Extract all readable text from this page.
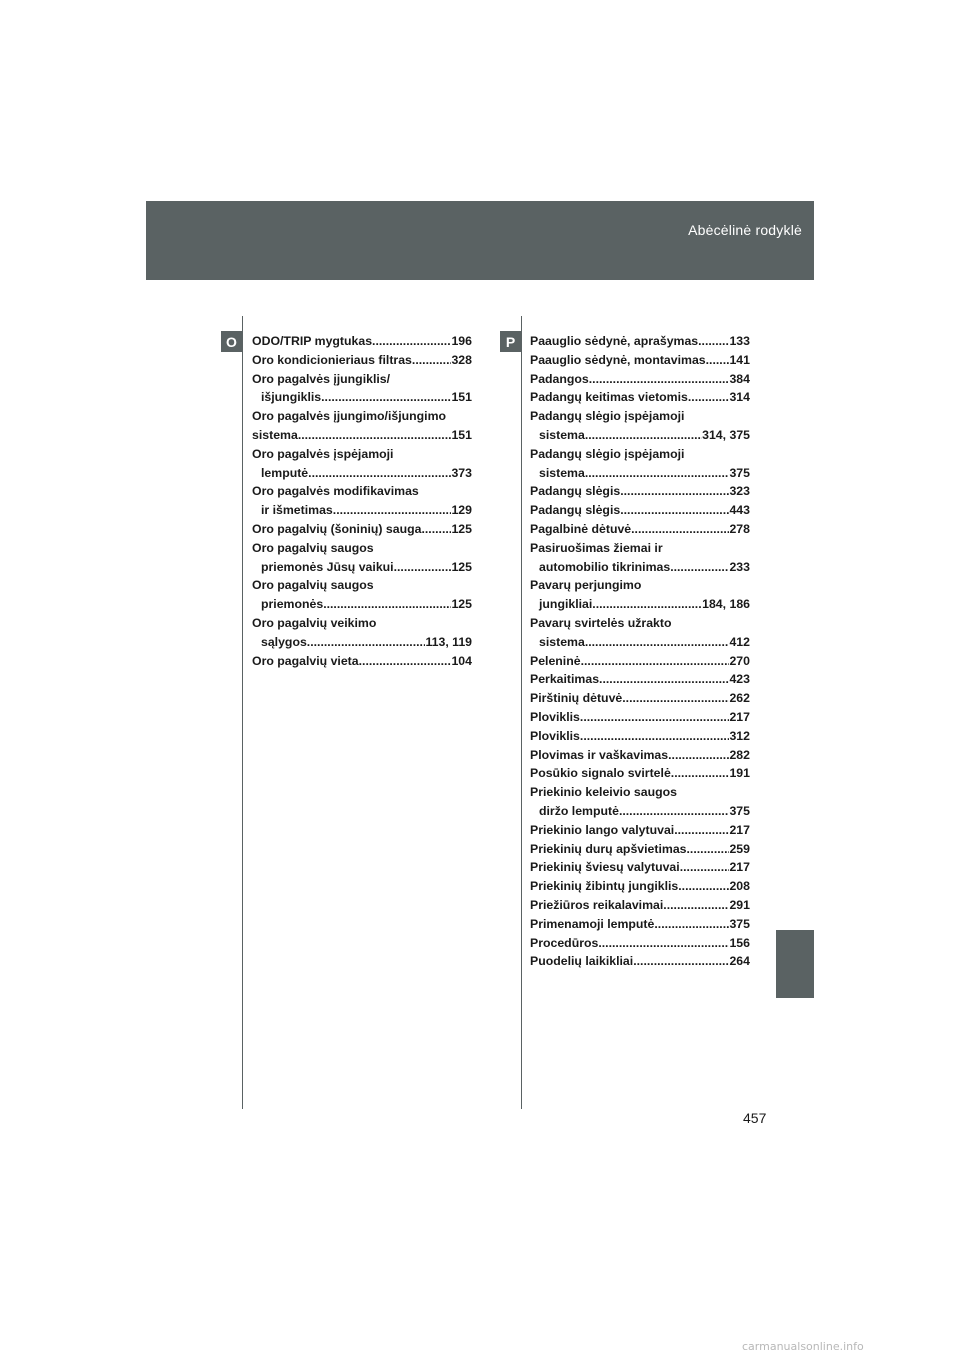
Abėcėlinė rodyklė
O	P
ODO/TRIP mygtukas .....	196
Oro kondicionieriaus filtras .....	328
Oro pagalvės įjungiklis/
išjungiklis .....	151
Oro pagalvės įjungimo/išjungimo
sistema .....	151
Oro pagalvės įspėjamoji
lemputė .....	373
Oro pagalvės modifikavimas
ir išmetimas .....	129
Oro pagalvių (šoninių) sauga ..... 125
Oro pagalvių saugos
priemonės Jūsų vaikui .....	125
Oro pagalvių saugos
priemonės .....	125
Oro pagalvių veikimo
sąlygos .....	113, 119
Oro pagalvių vieta .....	104
Paauglio sėdynė, aprašymas .....	133
Paauglio sėdynė, montavimas ..... 141
Padangos .....	384
Padangų keitimas vietomis .....	314
Padangų slėgio įspėjamoji
sistema .....	314, 375
Padangų slėgio įspėjamoji
sistema .....	375
Padangų slėgis .....	323
Padangų slėgis .....	443
Pagalbinė dėtuvė .....	278
Pasiruošimas žiemai ir
automobilio tikrinimas .....	233
Pavarų perjungimo
jungikliai .....	184, 186
Pavarų svirtelės užrakto
sistema .....	412
Peleninė .....	270
Perkaitimas .....	423
Pirštinių dėtuvė .....	262
Ploviklis .....	217
Ploviklis .....	312
Plovimas ir vaškavimas .....	282
Posūkio signalo svirtelė .....	191
Priekinio keleivio saugos
diržo lemputė .....	375
Priekinio lango valytuvai .....	217
Priekinių durų apšvietimas .....	259
Priekinių šviesų valytuvai .....	217
Priekinių žibintų jungiklis .....	208
Priežiūros reikalavimai .....	291
Primenamoji lemputė .....	375
Procedūros .....	156
Puodelių laikikliai .....	264
457
carmanualsonline.info
